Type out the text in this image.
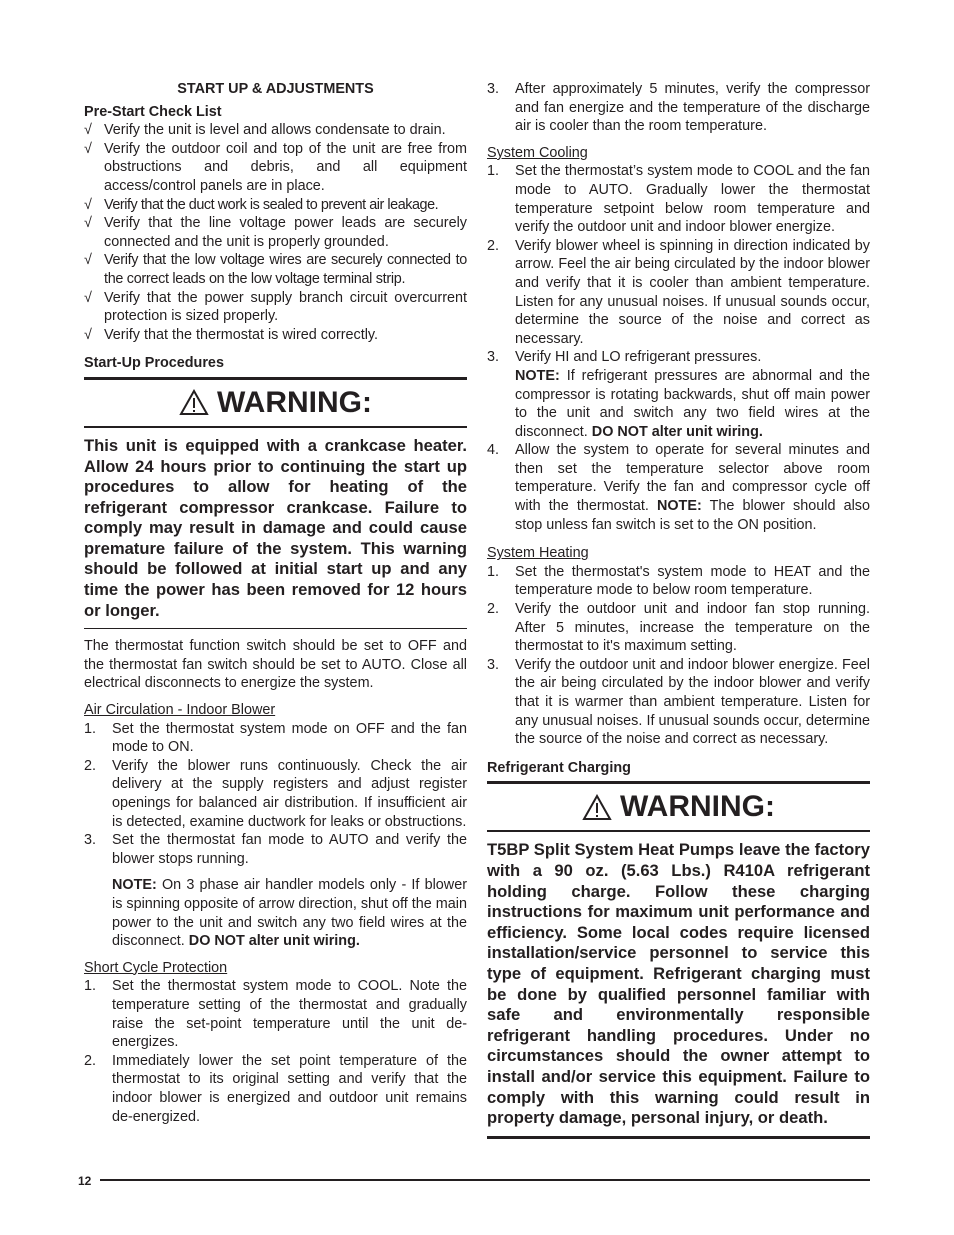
START UP & ADJUSTMENTS

Pre-Start Check List

√ Verify the unit is level and allows condensate to drain.

√ Verify the outdoor coil and top of the unit are free from obstructions and debris, and all equipment access/control panels are in place.

√ Verify that the duct work is sealed to prevent air leakage.

√ Verify that the line voltage power leads are securely connected and the unit is properly grounded.

√ Verify that the low voltage wires are securely connected to the correct leads on the low voltage terminal strip.

√ Verify that the power supply branch circuit overcurrent protection is sized properly.

√ Verify that the thermostat is wired correctly.

Start-Up Procedures

WARNING:

This unit is equipped with a crankcase heater. Allow 24 hours prior to continuing the start up procedures to allow for heating of the refrigerant compressor crankcase. Failure to comply may result in damage and could cause premature failure of the system. This warning should be followed at initial start up and any time the power has been removed for 12 hours or longer.

The thermostat function switch should be set to OFF and the thermostat fan switch should be set to AUTO. Close all electrical disconnects to energize the system.

Air Circulation - Indoor Blower

1. Set the thermostat system mode on OFF and the fan mode to ON.

2. Verify the blower runs continuously. Check the air delivery at the supply registers and adjust register openings for balanced air distribution. If insufficient air is detected, examine ductwork for leaks or obstructions.

3. Set the thermostat fan mode to AUTO and verify the blower stops running.

NOTE: On 3 phase air handler models only - If blower is spinning opposite of arrow direction, shut off the main power to the unit and switch any two field wires at the disconnect. DO NOT alter unit wiring.

Short Cycle Protection

1. Set the thermostat system mode to COOL. Note the temperature setting of the thermostat and gradually raise the set-point temperature until the unit de-energizes.

2. Immediately lower the set point temperature of the thermostat to its original setting and verify that the indoor blower is energized and outdoor unit remains de-energized.

3. After approximately 5 minutes, verify the compressor and fan energize and the temperature of the discharge air is cooler than the room temperature.

System Cooling

1. Set the thermostat’s system mode to COOL and the fan mode to AUTO. Gradually lower the thermostat temperature setpoint below room temperature and verify the outdoor unit and indoor blower energize.

2. Verify blower wheel is spinning in direction indicated by arrow. Feel the air being circulated by the indoor blower and verify that it is cooler than ambient temperature. Listen for any unusual noises. If unusual sounds occur, determine the source of the noise and correct as necessary.

3. Verify HI and LO refrigerant pressures.
NOTE: If refrigerant pressures are abnormal and the compressor is rotating backwards, shut off main power to the unit and switch any two field wires at the disconnect. DO NOT alter unit wiring.

4. Allow the system to operate for several minutes and then set the temperature selector above room temperature. Verify the fan and compressor cycle off with the thermostat. NOTE: The blower should also stop unless fan switch is set to the ON position.

System Heating

1. Set the thermostat's system mode to HEAT and the temperature mode to below room temperature.

2. Verify the outdoor unit and indoor fan stop running. After 5 minutes, increase the temperature on the thermostat to it's maximum setting.

3. Verify the outdoor unit and indoor blower energize. Feel the air being circulated by the indoor blower and verify that it is warmer than ambient temperature. Listen for any unusual noises. If unusual sounds occur, determine the source of the noise and correct as necessary.

Refrigerant Charging

WARNING:

T5BP Split System Heat Pumps leave the factory with a 90 oz. (5.63 Lbs.) R410A refrigerant holding charge. Follow these charging instructions for maximum unit performance and efficiency. Some local codes require licensed installation/service personnel to service this type of equipment. Refrigerant charging must be done by qualified personnel familiar with safe and environmentally responsible refrigerant handling procedures. Under no circumstances should the owner attempt to install and/or service this equipment. Failure to comply with this warning could result in property damage, personal injury, or death.

12
